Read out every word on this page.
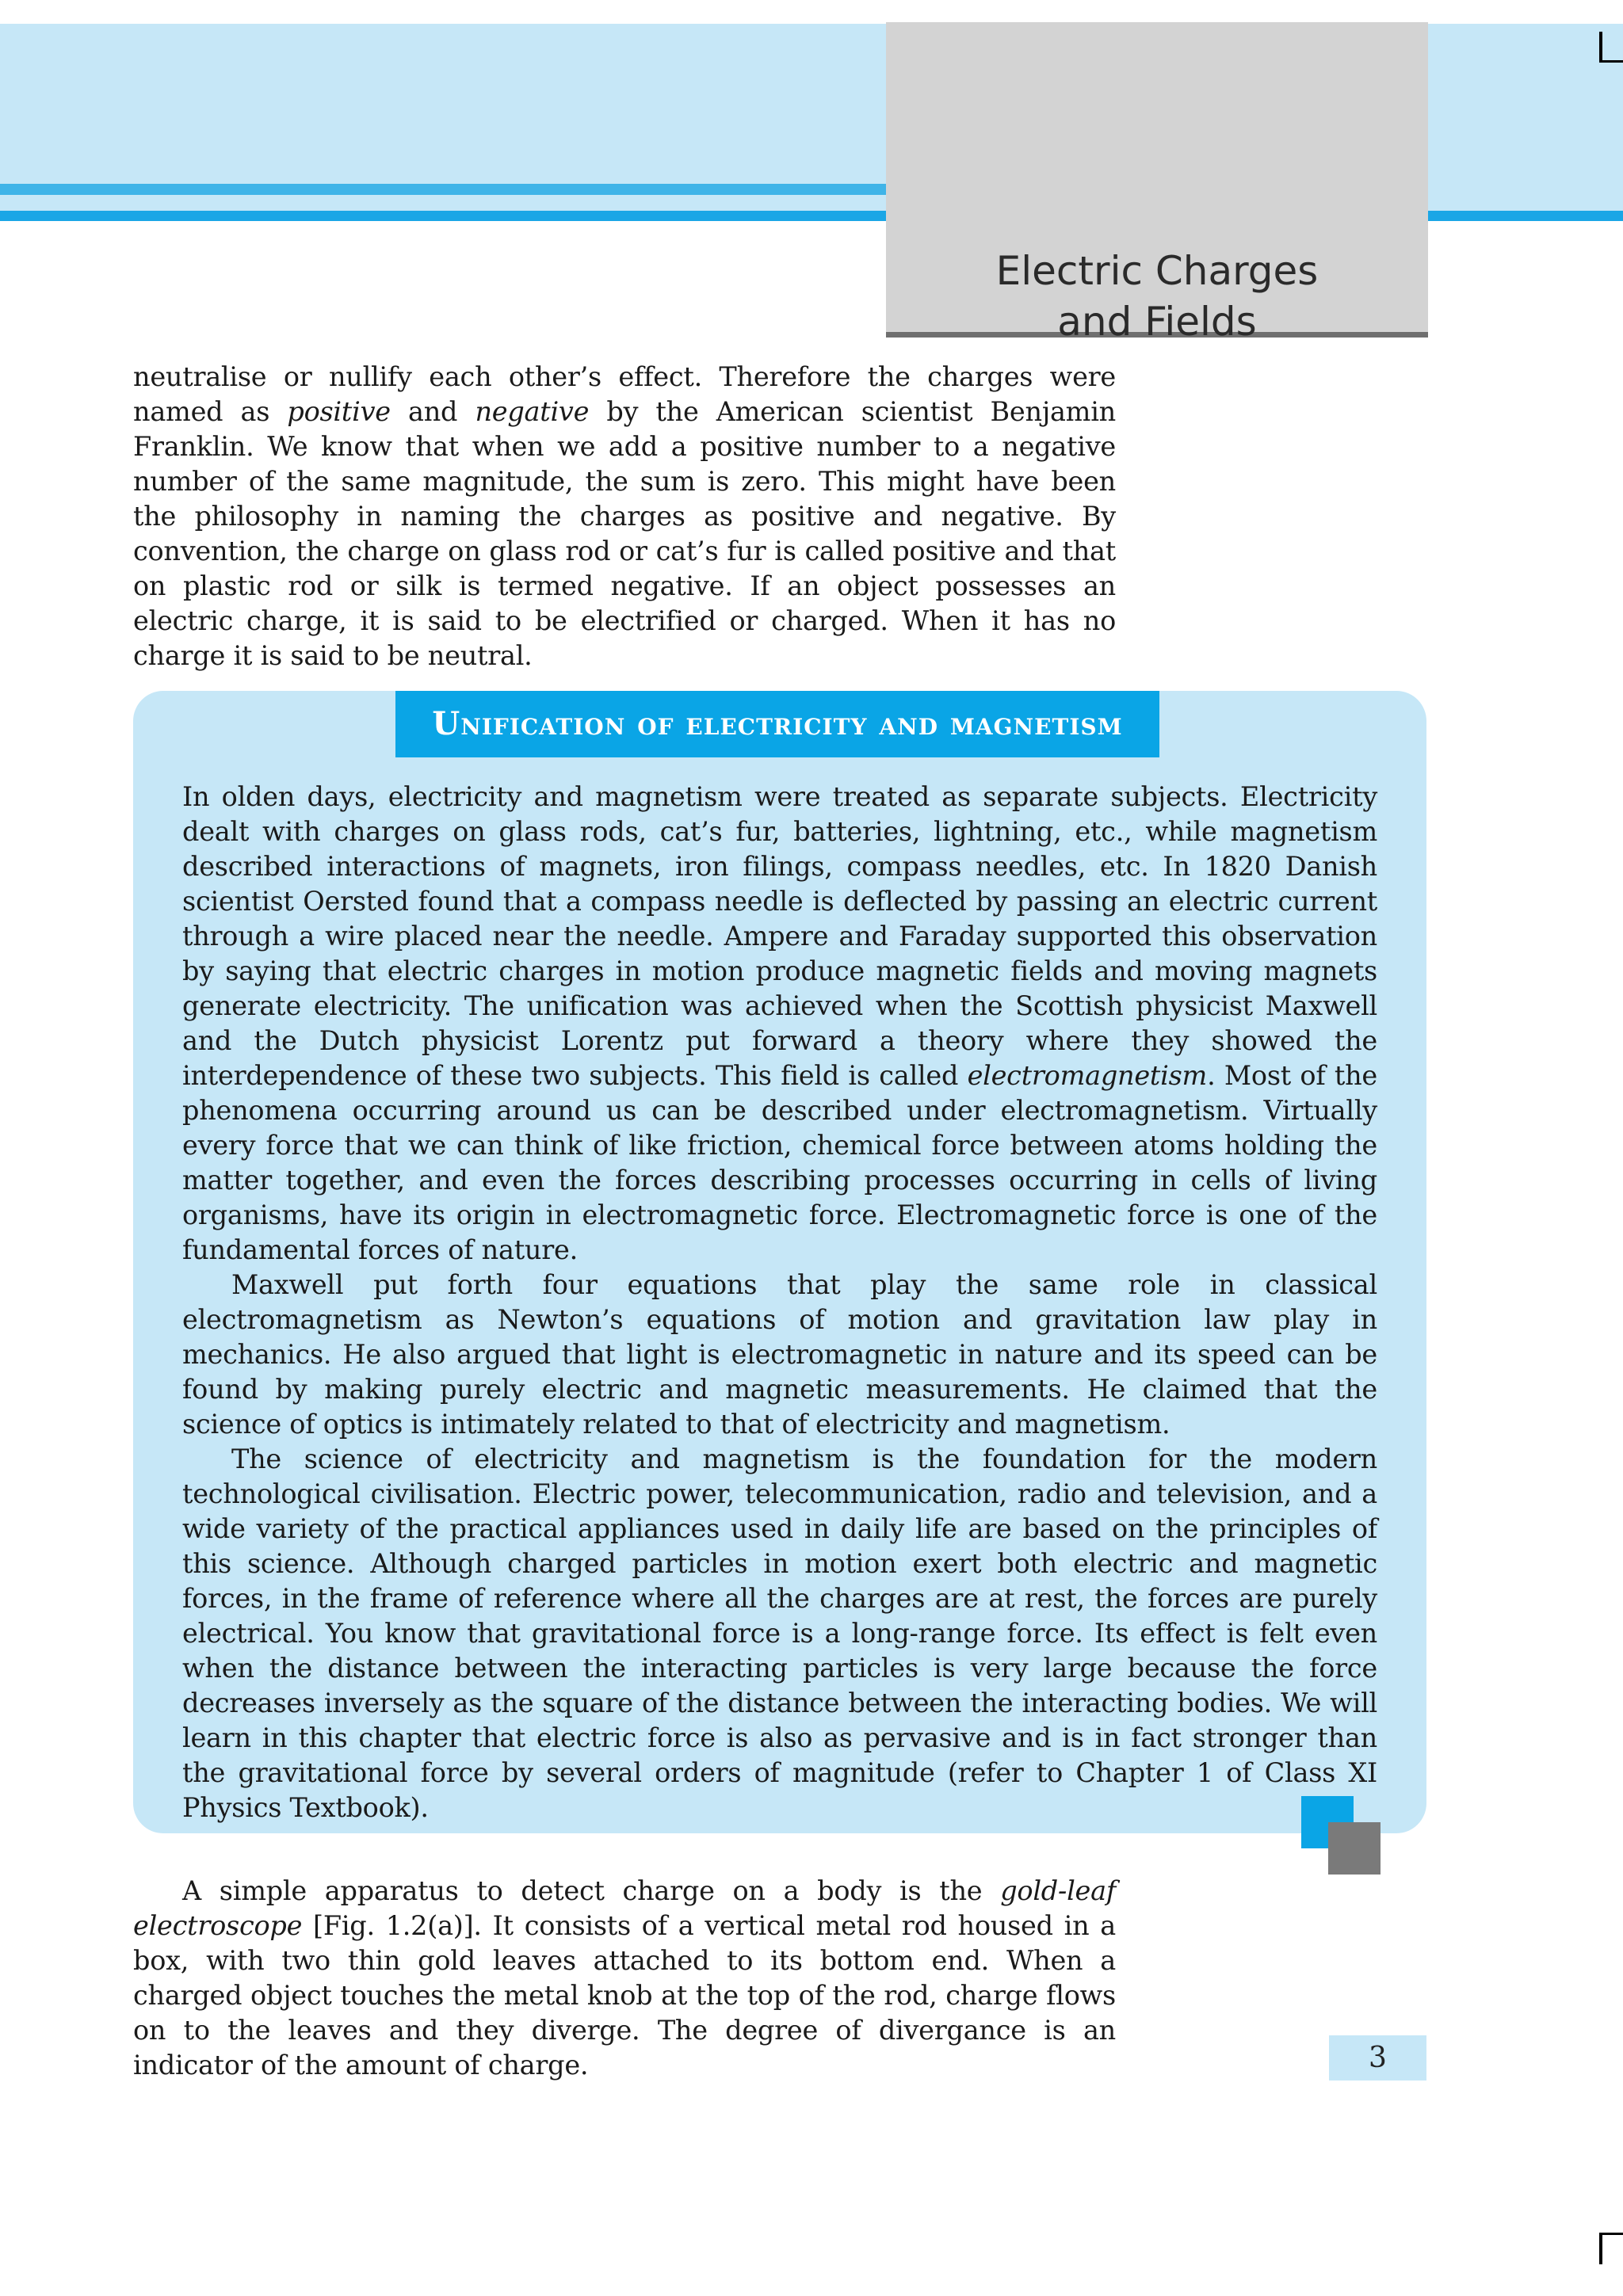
Electric Charges and Fields

neutralise or nullify each other’s effect. Therefore the charges were named as positive and negative by the American scientist Benjamin Franklin. We know that when we add a positive number to a negative number of the same magnitude, the sum is zero. This might have been the philosophy in naming the charges as positive and negative. By convention, the charge on glass rod or cat’s fur is called positive and that on plastic rod or silk is termed negative. If an object possesses an electric charge, it is said to be electrified or charged. When it has no charge it is said to be neutral.

Unification of electricity and magnetism

In olden days, electricity and magnetism were treated as separate subjects. Electricity dealt with charges on glass rods, cat’s fur, batteries, lightning, etc., while magnetism described interactions of magnets, iron filings, compass needles, etc. In 1820 Danish scientist Oersted found that a compass needle is deflected by passing an electric current through a wire placed near the needle. Ampere and Faraday supported this observation by saying that electric charges in motion produce magnetic fields and moving magnets generate electricity. The unification was achieved when the Scottish physicist Maxwell and the Dutch physicist Lorentz put forward a theory where they showed the interdependence of these two subjects. This field is called electromagnetism. Most of the phenomena occurring around us can be described under electromagnetism. Virtually every force that we can think of like friction, chemical force between atoms holding the matter together, and even the forces describing processes occurring in cells of living organisms, have its origin in electromagnetic force. Electromagnetic force is one of the fundamental forces of nature.

Maxwell put forth four equations that play the same role in classical electromagnetism as Newton’s equations of motion and gravitation law play in mechanics. He also argued that light is electromagnetic in nature and its speed can be found by making purely electric and magnetic measurements. He claimed that the science of optics is intimately related to that of electricity and magnetism.

The science of electricity and magnetism is the foundation for the modern technological civilisation. Electric power, telecommunication, radio and television, and a wide variety of the practical appliances used in daily life are based on the principles of this science. Although charged particles in motion exert both electric and magnetic forces, in the frame of reference where all the charges are at rest, the forces are purely electrical. You know that gravitational force is a long-range force. Its effect is felt even when the distance between the interacting particles is very large because the force decreases inversely as the square of the distance between the interacting bodies. We will learn in this chapter that electric force is also as pervasive and is in fact stronger than the gravitational force by several orders of magnitude (refer to Chapter 1 of Class XI Physics Textbook).

A simple apparatus to detect charge on a body is the gold-leaf electroscope [Fig. 1.2(a)]. It consists of a vertical metal rod housed in a box, with two thin gold leaves attached to its bottom end. When a charged object touches the metal knob at the top of the rod, charge flows on to the leaves and they diverge. The degree of divergance is an indicator of the amount of charge.	3
